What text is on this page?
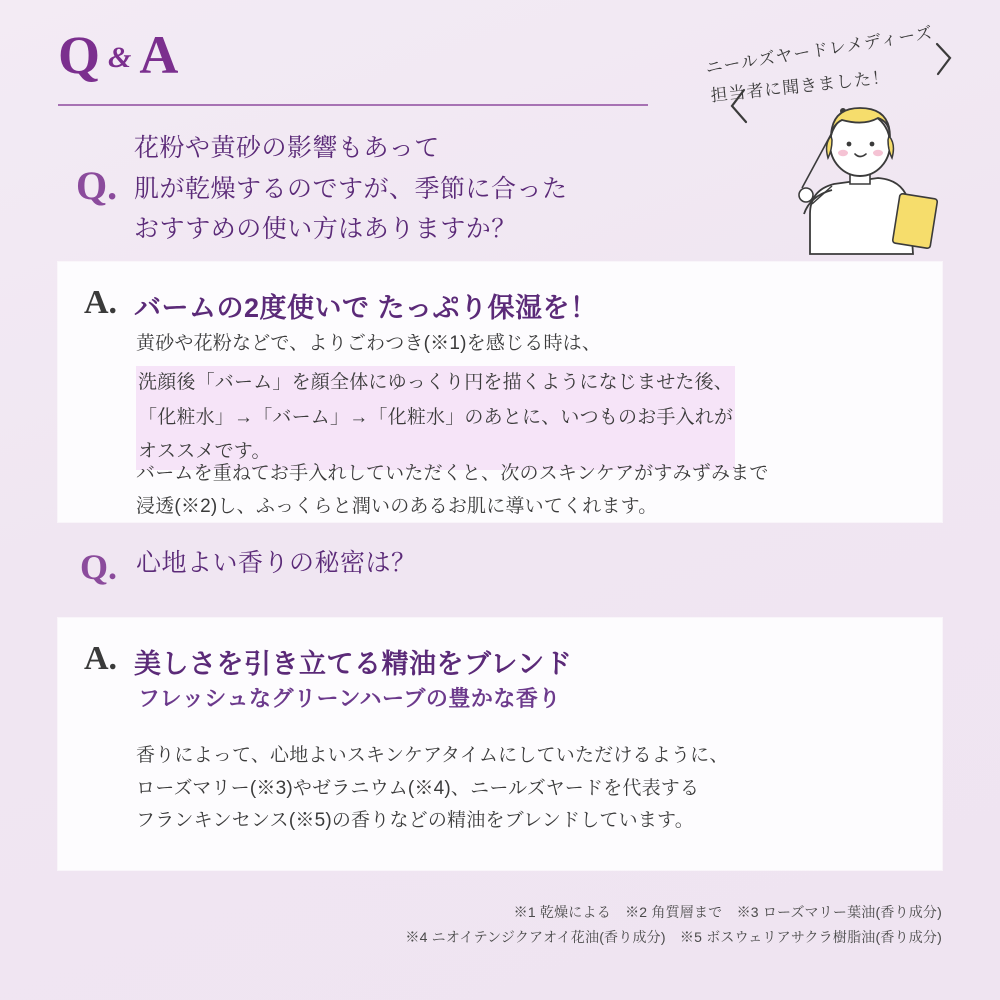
Q & A	ニールズヤードレメディーズ
担当者に聞きました！
Q.
花粉や黄砂の影響もあって
肌が乾燥するのですが、季節に合った
おすすめの使い方はありますか？
A. バームの2度使いで たっぷり保湿を！
黄砂や花粉などで、よりごわつき(※1)を感じる時は、
洗顔後「バーム」を顔全体にゆっくり円を描くようになじませた後、
「化粧水」→「バーム」→「化粧水」のあとに、いつものお手入れが
オススメです。
バームを重ねてお手入れしていただくと、次のスキンケアがすみずみまで
浸透(※2)し、ふっくらと潤いのあるお肌に導いてくれます。
Q. 心地よい香りの秘密は？
A. 美しさを引き立てる精油をブレンド
フレッシュなグリーンハーブの豊かな香り
香りによって、心地よいスキンケアタイムにしていただけるように、
ローズマリー(※3)やゼラニウム(※4)、ニールズヤードを代表する
フランキンセンス(※5)の香りなどの精油をブレンドしています。
※1 乾燥による　※2 角質層まで　※3 ローズマリー葉油(香り成分)
※4 ニオイテンジクアオイ花油(香り成分)　※5 ボスウェリアサクラ樹脂油(香り成分)
